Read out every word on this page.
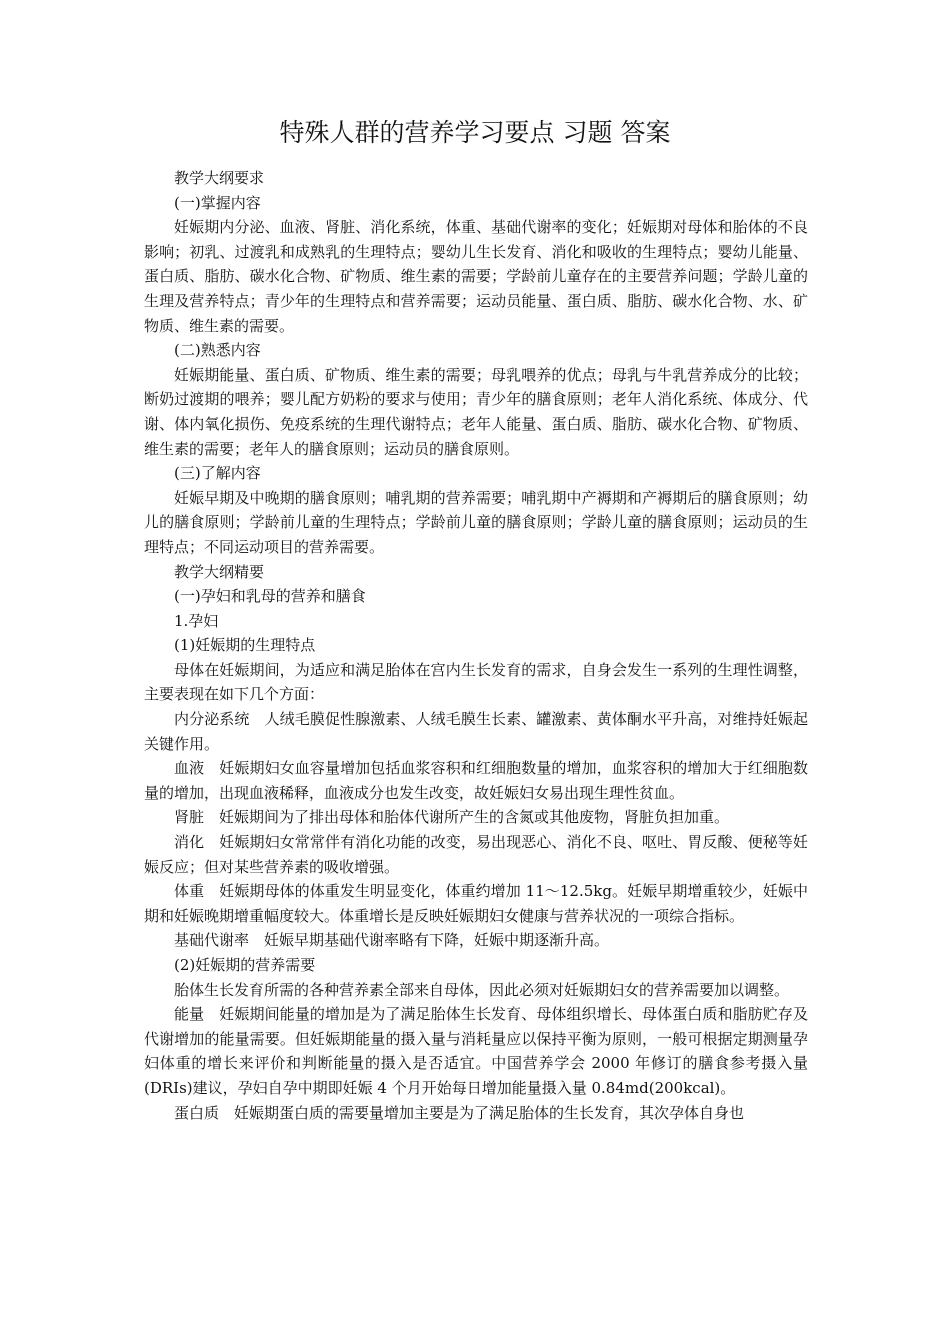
特殊人群的营养学习要点 习题 答案

教学大纲要求

(一)掌握内容

妊娠期内分泌、血液、肾脏、消化系统，体重、基础代谢率的变化；妊娠期对母体和胎体的不良影响；初乳、过渡乳和成熟乳的生理特点；婴幼儿生长发育、消化和吸收的生理特点；婴幼儿能量、蛋白质、脂肪、碳水化合物、矿物质、维生素的需要；学龄前儿童存在的主要营养问题；学龄儿童的生理及营养特点；青少年的生理特点和营养需要；运动员能量、蛋白质、脂肪、碳水化合物、水、矿物质、维生素的需要。

(二)熟悉内容

妊娠期能量、蛋白质、矿物质、维生素的需要；母乳喂养的优点；母乳与牛乳营养成分的比较；断奶过渡期的喂养；婴儿配方奶粉的要求与使用；青少年的膳食原则；老年人消化系统、体成分、代谢、体内氧化损伤、免疫系统的生理代谢特点；老年人能量、蛋白质、脂肪、碳水化合物、矿物质、维生素的需要；老年人的膳食原则；运动员的膳食原则。

(三)了解内容

妊娠早期及中晚期的膳食原则；哺乳期的营养需要；哺乳期中产褥期和产褥期后的膳食原则；幼儿的膳食原则；学龄前儿童的生理特点；学龄前儿童的膳食原则；学龄儿童的膳食原则；运动员的生理特点；不同运动项目的营养需要。

教学大纲精要

(一)孕妇和乳母的营养和膳食

1.孕妇

(1)妊娠期的生理特点

母体在妊娠期间，为适应和满足胎体在宫内生长发育的需求，自身会发生一系列的生理性调整，主要表现在如下几个方面：

内分泌系统　人绒毛膜促性腺激素、人绒毛膜生长素、罐激素、黄体酮水平升高，对维持妊娠起关键作用。

血液　妊娠期妇女血容量增加包括血浆容积和红细胞数量的增加，血浆容积的增加大于红细胞数量的增加，出现血液稀释，血液成分也发生改变，故妊娠妇女易出现生理性贫血。

肾脏　妊娠期间为了排出母体和胎体代谢所产生的含氮或其他废物，肾脏负担加重。

消化　妊娠期妇女常常伴有消化功能的改变，易出现恶心、消化不良、呕吐、胃反酸、便秘等妊娠反应；但对某些营养素的吸收增强。

体重　妊娠期母体的体重发生明显变化，体重约增加 11～12.5kg。妊娠早期增重较少，妊娠中期和妊娠晚期增重幅度较大。体重增长是反映妊娠期妇女健康与营养状况的一项综合指标。

基础代谢率　妊娠早期基础代谢率略有下降，妊娠中期逐渐升高。

(2)妊娠期的营养需要

胎体生长发育所需的各种营养素全部来自母体，因此必须对妊娠期妇女的营养需要加以调整。

能量　妊娠期间能量的增加是为了满足胎体生长发育、母体组织增长、母体蛋白质和脂肪贮存及代谢增加的能量需要。但妊娠期能量的摄入量与消耗量应以保持平衡为原则，一般可根据定期测量孕妇体重的增长来评价和判断能量的摄入是否适宜。中国营养学会 2000 年修订的膳食参考摄入量(DRIs)建议，孕妇自孕中期即妊娠 4 个月开始每日增加能量摄入量 0.84md(200kcal)。

蛋白质　妊娠期蛋白质的需要量增加主要是为了满足胎体的生长发育，其次孕体自身也
